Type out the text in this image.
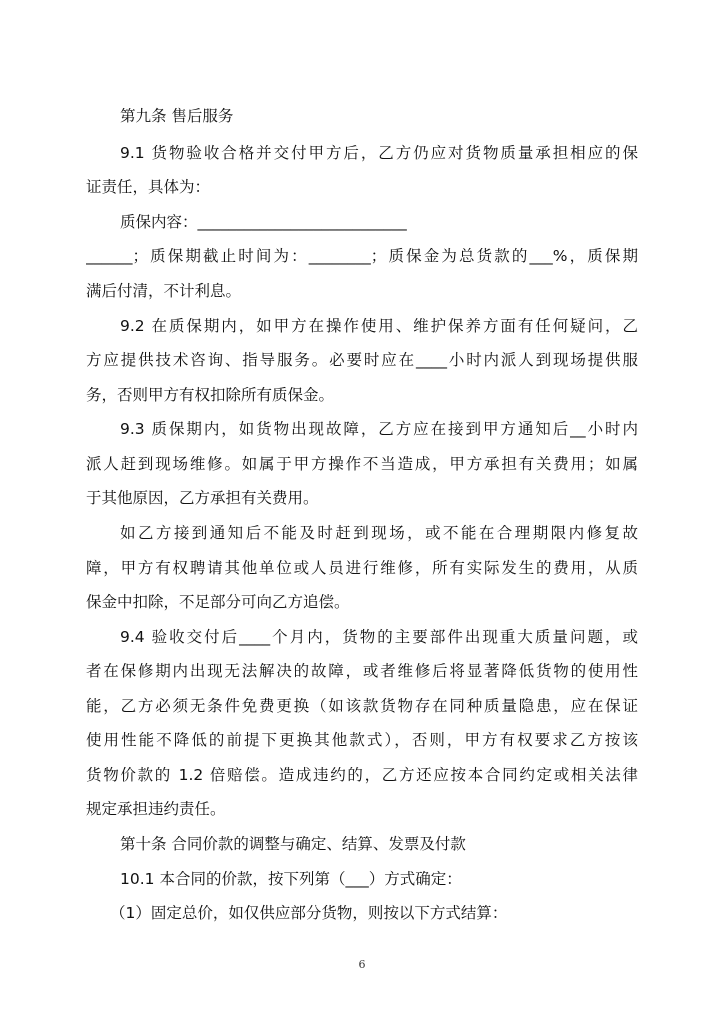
第九条 售后服务
9.1 货物验收合格并交付甲方后，乙方仍应对货物质量承担相应的保
证责任，具体为：
质保内容：___________________________
______；质保期截止时间为：________；质保金为总货款的___%，质保期
满后付清，不计利息。
9.2 在质保期内，如甲方在操作使用、维护保养方面有任何疑问，乙
方应提供技术咨询、指导服务。必要时应在____小时内派人到现场提供服
务，否则甲方有权扣除所有质保金。
9.3 质保期内，如货物出现故障，乙方应在接到甲方通知后__小时内
派人赶到现场维修。如属于甲方操作不当造成，甲方承担有关费用；如属
于其他原因，乙方承担有关费用。
如乙方接到通知后不能及时赶到现场，或不能在合理期限内修复故
障，甲方有权聘请其他单位或人员进行维修，所有实际发生的费用，从质
保金中扣除，不足部分可向乙方追偿。
9.4 验收交付后____个月内，货物的主要部件出现重大质量问题，或
者在保修期内出现无法解决的故障，或者维修后将显著降低货物的使用性
能，乙方必须无条件免费更换（如该款货物存在同种质量隐患，应在保证
使用性能不降低的前提下更换其他款式），否则，甲方有权要求乙方按该
货物价款的 1.2 倍赔偿。造成违约的，乙方还应按本合同约定或相关法律
规定承担违约责任。
第十条 合同价款的调整与确定、结算、发票及付款
10.1 本合同的价款，按下列第（___）方式确定：
（1）固定总价，如仅供应部分货物，则按以下方式结算：
6
